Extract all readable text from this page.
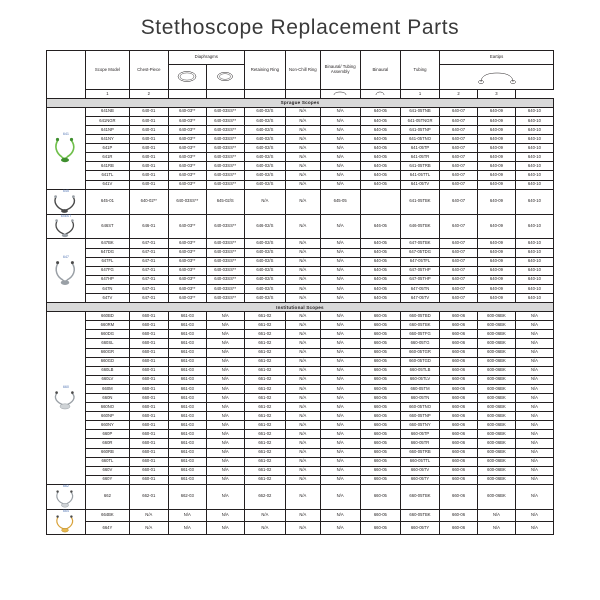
Stethoscope Replacement Parts
	Scope Model	Chest-Piece	Diaphragms		Retaining Ring	Non-Chill Ring	Binaural/ Tubing Assembly	Binaural	Tubing	Eartips		

	1	2							1	2	3	
Sprague Scopes												

641	641NB	640-01	640-03**	640-03SS**	640-02/S	N/A	N/A	640-05	641-05TNB	640-07	640-09	640-10
	641NGR	640-01	640-03**	640-03SS**	640-02/S	N/A	N/A	640-05	641-05TNGR	640-07	640-09	640-10
	641NP	640-01	640-03**	640-03SS**	640-02/S	N/A	N/A	640-05	641-05TNP	640-07	640-09	640-10
	641NY	640-01	640-03**	640-03SS**	640-02/S	N/A	N/A	640-05	641-05TNO	640-07	640-09	640-10
	641P	640-01	640-03**	640-03SS**	640-02/S	N/A	N/A	640-05	641-05TP	640-07	640-09	640-10
	641R	640-01	640-03**	640-03SS**	640-02/S	N/A	N/A	640-05	641-05TR	640-07	640-09	640-10
	641RB	640-01	640-03**	640-03SS**	640-02/S	N/A	N/A	640-05	641-05TRB	640-07	640-09	640-10
	641TL	640-01	640-03**	640-03SS**	640-02/S	N/A	N/A	640-05	641-05TTL	640-07	640-09	640-10
	641V	640-01	640-03**	640-03SS**	640-02/S	N/A	N/A	640-05	641-05TV	640-07	640-09	640-10

645	645-01	640-02**	640-03SS**	645-02/S	N/A	N/A	645-05		641-05TBK	640-07	640-09	640-10

646ST	646ST	646-01	640-03**	640-03SS**	646-02/S	N/A	N/A	646-05	646-05TBK	640-07	640-09	640-10

647	647BK	647-01	640-03**	640-03SS**	640-02/S	N/A	N/A	640-05	647-05TBK	640-07	640-09	640-10
	647DG	647-01	640-03**	640-03SS**	640-02/S	N/A	N/A	640-05	647-05TDG	640-07	640-09	640-10
	647FL	647-01	640-03**	640-03SS**	640-02/S	N/A	N/A	640-05	647-05TFL	640-07	640-09	640-10
	647FG	647-01	640-03**	640-03SS**	640-02/S	N/A	N/A	640-05	647-05THP	640-07	640-09	640-10
	647HP	647-01	640-03**	640-03SS**	640-02/S	N/A	N/A	640-05	647-05THP	640-07	640-09	640-10
	647N	647-01	640-03**	640-03SS**	640-02/S	N/A	N/A	640-05	647-05TN	640-07	640-09	640-10
	647V	647-01	640-03**	640-03SS**	640-02/S	N/A	N/A	640-05	647-05TV	640-07	640-09	640-10
Institutional Scopes												

660	660BD	660-01	661-03	N/A	661-02	N/A	N/A	660-05	660-05TBD	660-06	600-06BK	N/A
	660RM	660-01	661-03	N/A	661-02	N/A	N/A	660-05	660-05TBK	660-06	600-06BK	N/A
	660DG	660-01	661-03	N/A	661-02	N/A	N/A	660-05	660-05TFG	660-06	600-06BK	N/A
	660SL	660-01	661-03	N/A	661-02	N/A	N/A	660-05	660-05TG	660-06	600-06BK	N/A
	660GR	660-01	661-03	N/A	661-02	N/A	N/A	660-05	660-05TGR	660-06	600-06BK	N/A
	660GD	660-01	661-03	N/A	661-02	N/A	N/A	660-05	660-05TGD	660-06	600-06BK	N/A
	660LB	660-01	661-03	N/A	661-02	N/A	N/A	660-05	660-05TLB	660-06	600-06BK	N/A
	660LV	660-01	661-03	N/A	661-02	N/A	N/A	660-05	660-05TLV	660-06	600-06BK	N/A
	660M	660-01	661-03	N/A	661-02	N/A	N/A	660-05	660-05TM	660-06	600-06BK	N/A
	660N	660-01	661-03	N/A	661-02	N/A	N/A	660-05	660-05TN	660-06	600-06BK	N/A
	660NO	660-01	661-03	N/A	661-02	N/A	N/A	660-05	660-05TNO	660-06	600-06BK	N/A
	660NP	660-01	661-03	N/A	661-02	N/A	N/A	660-05	660-05TNP	660-06	600-06BK	N/A
	660NY	660-01	661-03	N/A	661-02	N/A	N/A	660-05	660-05TNY	660-06	600-06BK	N/A
	660P	660-01	661-03	N/A	661-02	N/A	N/A	660-05	660-05TP	660-06	600-06BK	N/A
	660R	660-01	661-03	N/A	661-02	N/A	N/A	660-05	660-05TR	660-06	600-06BK	N/A
	660RB	660-01	661-03	N/A	661-02	N/A	N/A	660-05	660-05TRB	660-06	600-06BK	N/A
	660TL	660-01	661-03	N/A	661-02	N/A	N/A	660-05	660-05TTL	660-06	600-06BK	N/A
	660V	660-01	661-03	N/A	661-02	N/A	N/A	660-05	660-05TV	660-06	600-06BK	N/A
	660Y	660-01	661-03	N/A	661-02	N/A	N/A	660-05	660-05TY	660-06	600-06BK	N/A

662	662	662-01	662-03	N/A	662-02	N/A	N/A	660-05	660-05TBK	660-06	600-06BK	N/A

664	664BK	N/A	N/A	N/A	N/A	N/A	N/A	660-05	660-05TBK	660-06	N/A	N/A
	664Y	N/A	N/A	N/A	N/A	N/A	N/A	660-05	660-05TY	660-06	N/A	N/A
